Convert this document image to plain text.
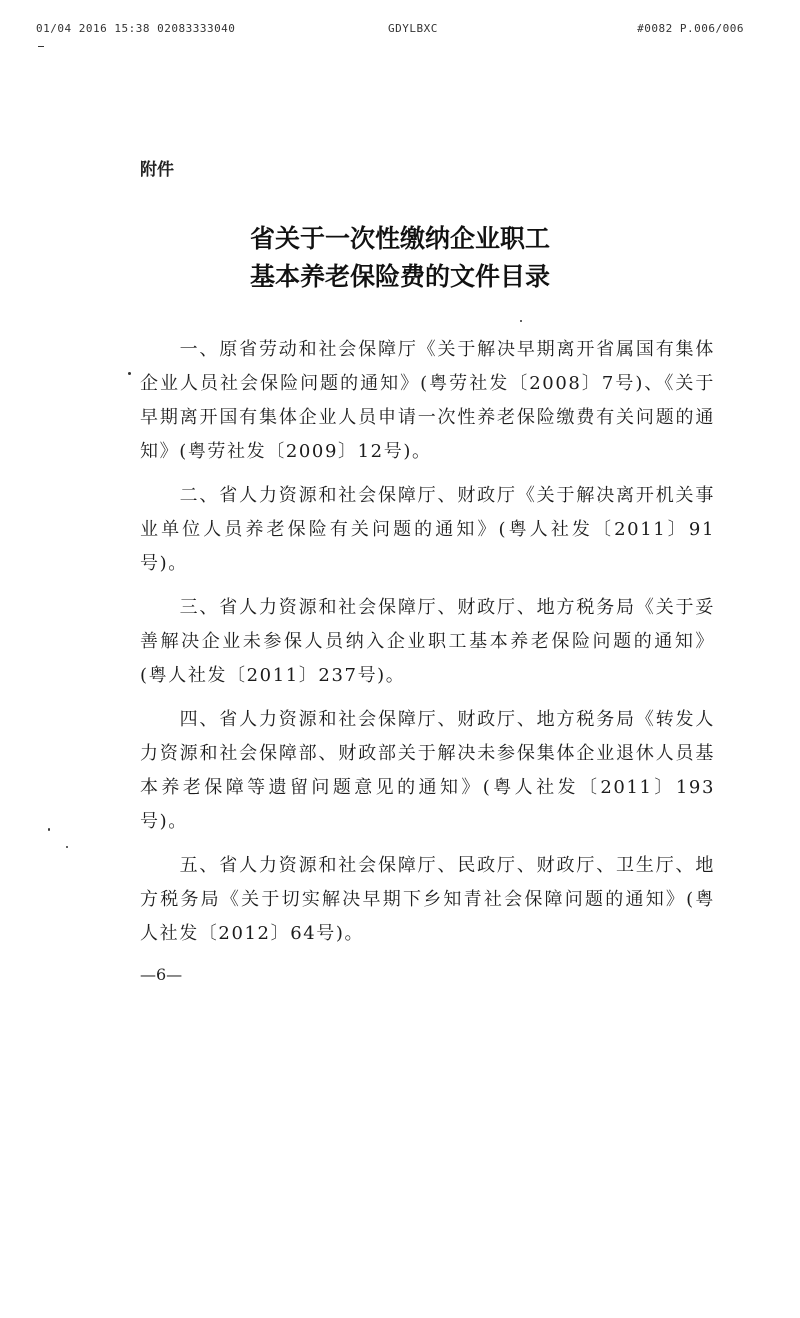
01/04 2016 15:38 02083333040	GDYLBXC	#0082 P.006/006
附件
省关于一次性缴纳企业职工
基本养老保险费的文件目录

一、原省劳动和社会保障厅《关于解决早期离开省属国有集体企业人员社会保险问题的通知》(粤劳社发〔2008〕7号)、《关于早期离开国有集体企业人员申请一次性养老保险缴费有关问题的通知》(粤劳社发〔2009〕12号)。

二、省人力资源和社会保障厅、财政厅《关于解决离开机关事业单位人员养老保险有关问题的通知》(粤人社发〔2011〕91号)。

三、省人力资源和社会保障厅、财政厅、地方税务局《关于妥善解决企业未参保人员纳入企业职工基本养老保险问题的通知》(粤人社发〔2011〕237号)。

四、省人力资源和社会保障厅、财政厅、地方税务局《转发人力资源和社会保障部、财政部关于解决未参保集体企业退休人员基本养老保障等遗留问题意见的通知》(粤人社发〔2011〕193号)。

五、省人力资源和社会保障厅、民政厅、财政厅、卫生厅、地方税务局《关于切实解决早期下乡知青社会保障问题的通知》(粤人社发〔2012〕64号)。

—6—
